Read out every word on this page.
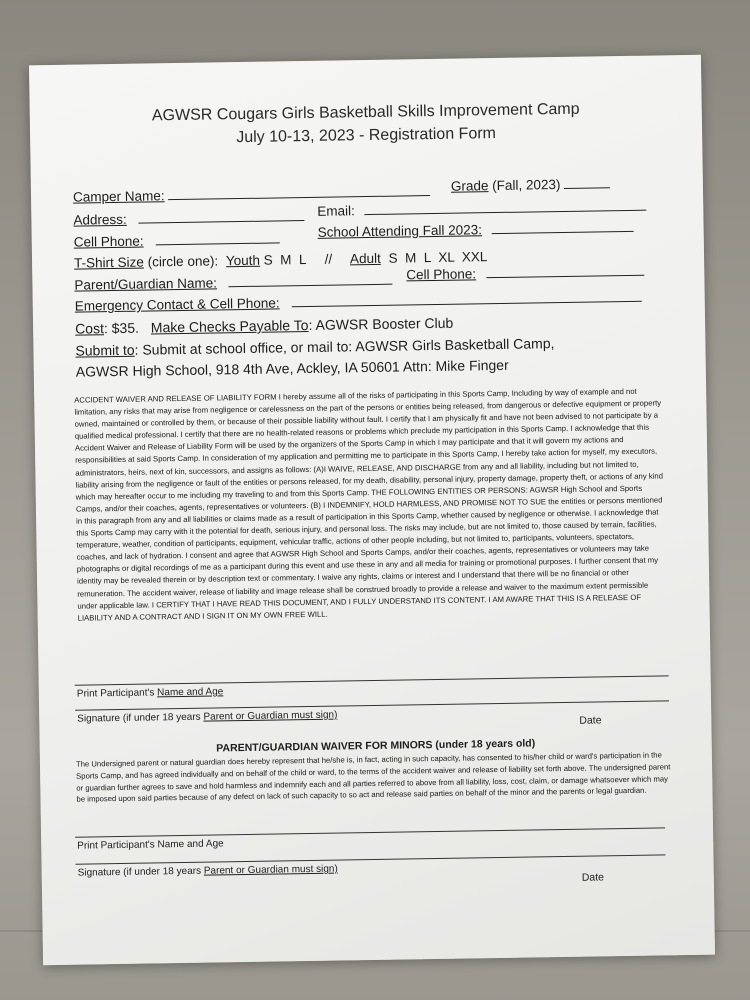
AGWSR Cougars Girls Basketball Skills Improvement Camp
July 10-13, 2023 - Registration Form
Camper Name:
Grade (Fall, 2023)
Address:
Email:
Cell Phone:
School Attending Fall 2023:
T-Shirt Size (circle one): Youth S  M  L     // Adult S  M  L  XL  XXL
Parent/Guardian Name:
Cell Phone:
Emergency Contact & Cell Phone:
Cost: $35. Make Checks Payable To: AGWSR Booster Club
Submit to: Submit at school office, or mail to: AGWSR Girls Basketball Camp,
AGWSR High School, 918 4th Ave, Ackley, IA 50601 Attn: Mike Finger
ACCIDENT WAIVER AND RELEASE OF LIABILITY FORM I hereby assume all of the risks of participating in this Sports Camp, Including by way of example and not limitation, any risks that may arise from negligence or carelessness on the part of the persons or entities being released, from dangerous or defective equipment or property owned, maintained or controlled by them, or because of their possible liability without fault. I certify that I am physically fit and have not been advised to not participate by a qualified medical professional. I certify that there are no health-related reasons or problems which preclude my participation in this Sports Camp. I acknowledge that this Accident Waiver and Release of Liability Form will be used by the organizers of the Sports Camp in which I may participate and that it will govern my actions and responsibilities at said Sports Camp. In consideration of my application and permitting me to participate in this Sports Camp, I hereby take action for myself, my executors, administrators, heirs, next of kin, successors, and assigns as follows: (A)I WAIVE, RELEASE, AND DISCHARGE from any and all liability, including but not limited to, liability arising from the negligence or fault of the entities or persons released, for my death, disability, personal injury, property damage, property theft, or actions of any kind which may hereafter occur to me including my traveling to and from this Sports Camp. THE FOLLOWING ENTITIES OR PERSONS: AGWSR High School and Sports Camps, and/or their coaches, agents, representatives or volunteers. (B) I INDEMNIFY, HOLD HARMLESS, AND PROMISE NOT TO SUE the entities or persons mentioned in this paragraph from any and all liabilities or claims made as a result of participation in this Sports Camp, whether caused by negligence or otherwise. I acknowledge that this Sports Camp may carry with it the potential for death, serious injury, and personal loss. The risks may include, but are not limited to, those caused by terrain, facilities, temperature, weather, condition of participants, equipment, vehicular traffic, actions of other people including, but not limited to, participants, volunteers, spectators, coaches, and lack of hydration. I consent and agree that AGWSR High School and Sports Camps, and/or their coaches, agents, representatives or volunteers may take photographs or digital recordings of me as a participant during this event and use these in any and all media for training or promotional purposes. I further consent that my identity may be revealed therein or by description text or commentary. I waive any rights, claims or interest and I understand that there will be no financial or other remuneration. The accident waiver, release of liability and image release shall be construed broadly to provide a release and waiver to the maximum extent permissible under applicable law. I CERTIFY THAT I HAVE READ THIS DOCUMENT, AND I FULLY UNDERSTAND ITS CONTENT. I AM AWARE THAT THIS IS A RELEASE OF LIABILITY AND A CONTRACT AND I SIGN IT ON MY OWN FREE WILL.
Print Participant's Name and Age
Signature (if under 18 years Parent or Guardian must sign)	Date
PARENT/GUARDIAN WAIVER FOR MINORS (under 18 years old)
The Undersigned parent or natural guardian does hereby represent that he/she is, in fact, acting in such capacity, has consented to his/her child or ward's participation in the Sports Camp, and has agreed individually and on behalf of the child or ward, to the terms of the accident waiver and release of liability set forth above. The undersigned parent or guardian further agrees to save and hold harmless and indemnify each and all parties referred to above from all liability, loss, cost, claim, or damage whatsoever which may be imposed upon said parties because of any defect on lack of such capacity to so act and release said parties on behalf of the minor and the parents or legal guardian.
Print Participant's Name and Age
Signature (if under 18 years Parent or Guardian must sign)
Date
